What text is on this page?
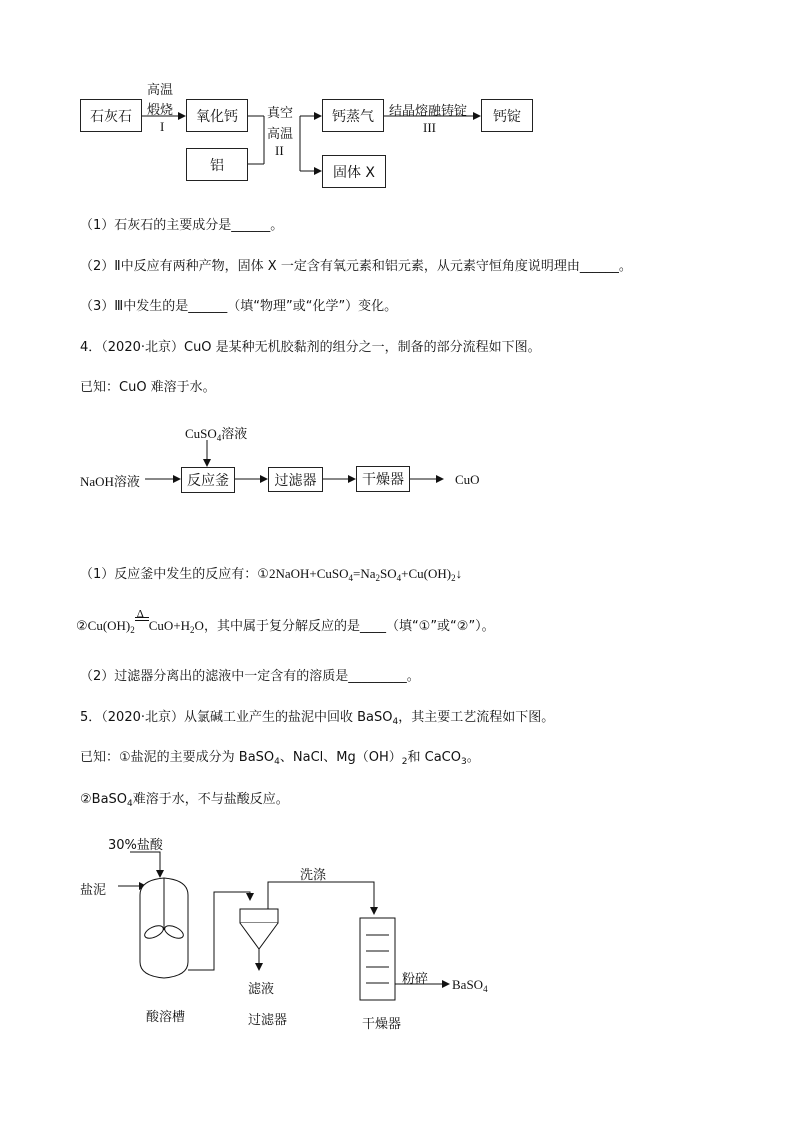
石灰石	氧化钙
铝
钙蒸气
固体 X
钙锭
高温
煅烧
I
真空
高温
II
结晶熔融铸锭
III
（1）石灰石的主要成分是______。
（2）Ⅱ中反应有两种产物，固体 X 一定含有氧元素和铝元素，从元素守恒角度说明理由______。
（3）Ⅲ中发生的是______（填“物理”或“化学”）变化。
4．（2020·北京）CuO 是某种无机胶黏剂的组分之一，制备的部分流程如下图。
已知：CuO 难溶于水。
CuSO$_4$溶液
NaOH溶液	反应釜	过滤器	干燥器	CuO
（1）反应釜中发生的反应有：$①2NaOH+CuSO_4=Na_2SO_4+Cu(OH)_2↓$
$②Cu(OH)_2$
Δ
$CuO+H_2O$，其中属于复分解反应的是____（填“①”或“②”）。
（2）过滤器分离出的滤液中一定含有的溶质是_________。
5．（2020·北京）从氯碱工业产生的盐泥中回收 BaSO$_4$，其主要工艺流程如下图。
已知：①盐泥的主要成分为 BaSO$_4$、NaCl、$Mg(OH)_2$和 CaCO$_3$。
②BaSO$_4$难溶于水，不与盐酸反应。
30%盐酸
盐泥
洗涤
滤液
粉碎 BaSO$_4$
酸溶槽	过滤器	干燥器
